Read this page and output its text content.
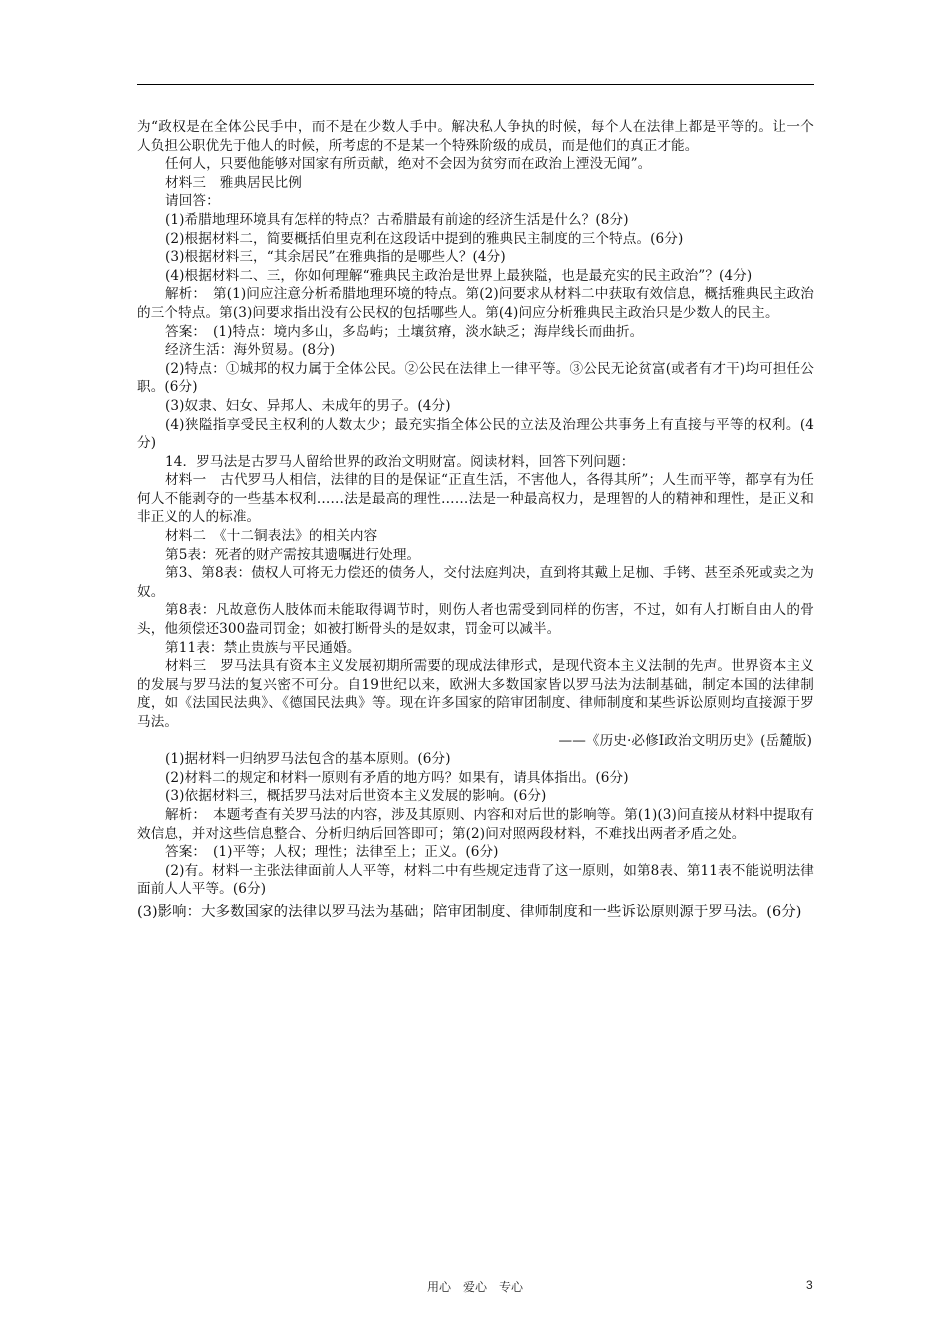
为“政权是在全体公民手中，而不是在少数人手中。解决私人争执的时候，每个人在法律上都是平等的。让一个人负担公职优先于他人的时候，所考虑的不是某一个特殊阶级的成员，而是他们的真正才能。

任何人，只要他能够对国家有所贡献，绝对不会因为贫穷而在政治上湮没无闻”。

材料三　雅典居民比例

请回答：

(1)希腊地理环境具有怎样的特点？古希腊最有前途的经济生活是什么？(8分)

(2)根据材料二，简要概括伯里克利在这段话中提到的雅典民主制度的三个特点。(6分)

(3)根据材料三，“其余居民”在雅典指的是哪些人？(4分)

(4)根据材料二、三，你如何理解“雅典民主政治是世界上最狭隘，也是最充实的民主政治”？(4分)

解析：　第(1)问应注意分析希腊地理环境的特点。第(2)问要求从材料二中获取有效信息，概括雅典民主政治的三个特点。第(3)问要求指出没有公民权的包括哪些人。第(4)问应分析雅典民主政治只是少数人的民主。

答案：　(1)特点：境内多山，多岛屿；土壤贫瘠，淡水缺乏；海岸线长而曲折。

经济生活：海外贸易。(8分)

(2)特点：①城邦的权力属于全体公民。②公民在法律上一律平等。③公民无论贫富(或者有才干)均可担任公职。(6分)

(3)奴隶、妇女、异邦人、未成年的男子。(4分)

(4)狭隘指享受民主权利的人数太少；最充实指全体公民的立法及治理公共事务上有直接与平等的权利。(4分)

14．罗马法是古罗马人留给世界的政治文明财富。阅读材料，回答下列问题：

材料一　古代罗马人相信，法律的目的是保证“正直生活，不害他人，各得其所”；人生而平等，都享有为任何人不能剥夺的一些基本权利……法是最高的理性……法是一种最高权力，是理智的人的精神和理性，是正义和非正义的人的标准。

材料二　《十二铜表法》的相关内容

第5表：死者的财产需按其遗嘱进行处理。

第3、第8表：债权人可将无力偿还的债务人，交付法庭判决，直到将其戴上足枷、手铐、甚至杀死或卖之为奴。

第8表：凡故意伤人肢体而未能取得调节时，则伤人者也需受到同样的伤害，不过，如有人打断自由人的骨头，他须偿还300盎司罚金；如被打断骨头的是奴隶，罚金可以减半。

第11表：禁止贵族与平民通婚。

材料三　罗马法具有资本主义发展初期所需要的现成法律形式，是现代资本主义法制的先声。世界资本主义的发展与罗马法的复兴密不可分。自19世纪以来，欧洲大多数国家皆以罗马法为法制基础，制定本国的法律制度，如《法国民法典》、《德国民法典》等。现在许多国家的陪审团制度、律师制度和某些诉讼原则均直接源于罗马法。

——《历史·必修Ⅰ政治文明历史》(岳麓版)

(1)据材料一归纳罗马法包含的基本原则。(6分)

(2)材料二的规定和材料一原则有矛盾的地方吗？如果有，请具体指出。(6分)

(3)依据材料三，概括罗马法对后世资本主义发展的影响。(6分)

解析：　本题考查有关罗马法的内容，涉及其原则、内容和对后世的影响等。第(1)(3)问直接从材料中提取有效信息，并对这些信息整合、分析归纳后回答即可；第(2)问对照两段材料，不难找出两者矛盾之处。

答案：　(1)平等；人权；理性；法律至上；正义。(6分)

(2)有。材料一主张法律面前人人平等，材料二中有些规定违背了这一原则，如第8表、第11表不能说明法律面前人人平等。(6分)

(3)影响：大多数国家的法律以罗马法为基础；陪审团制度、律师制度和一些诉讼原则源于罗马法。(6分)

用心　爱心　专心	3
